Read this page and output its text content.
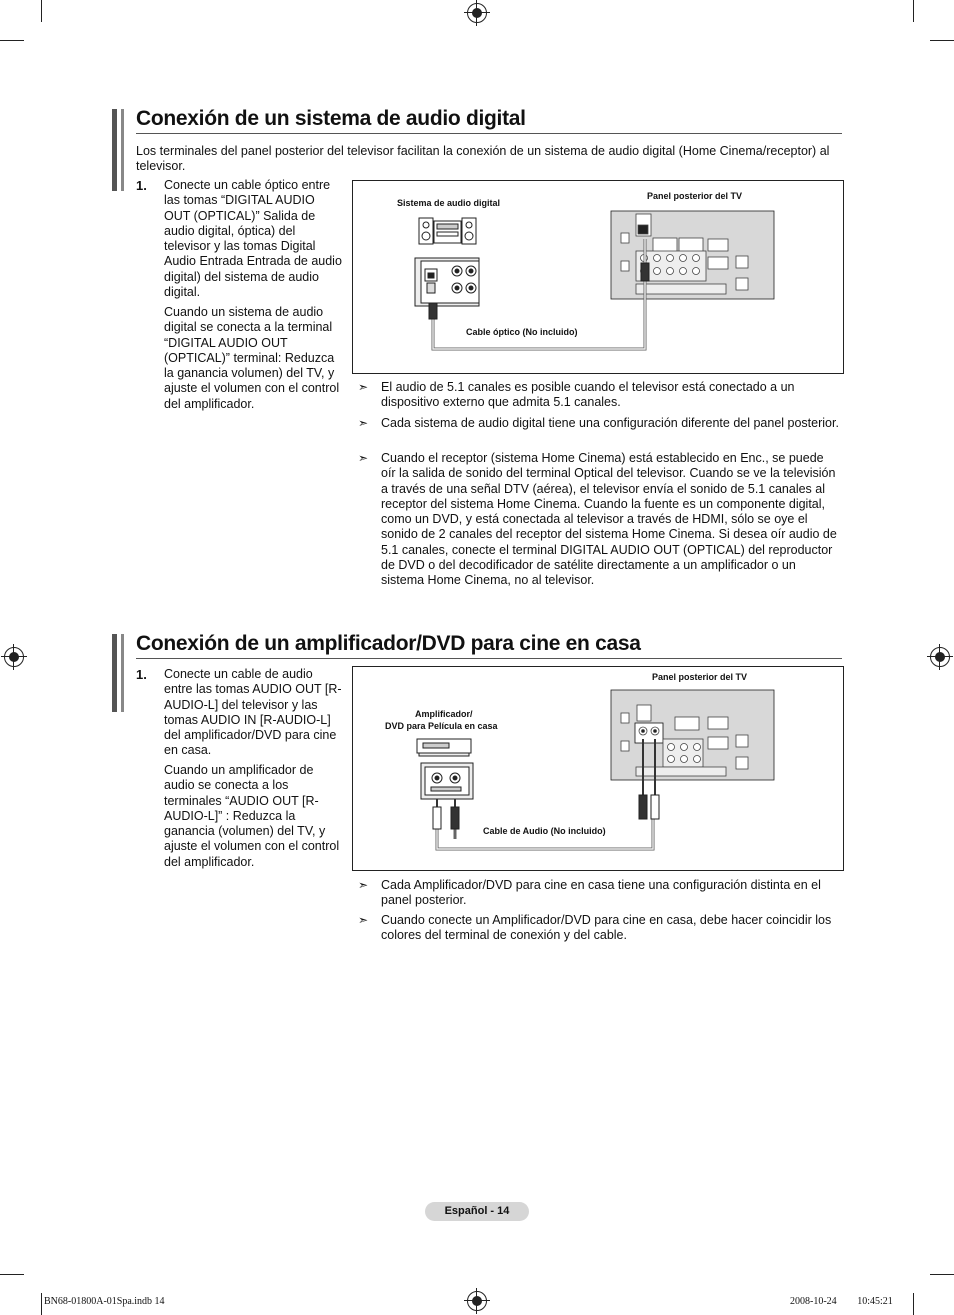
Conexión de un sistema de audio digital

Los terminales del panel posterior del televisor facilitan la conexión de un sistema de audio digital (Home Cinema/receptor) al televisor.

1. Conecte un cable óptico entre las tomas “DIGITAL AUDIO OUT (OPTICAL)” Salida de audio digital, óptica) del televisor y las tomas Digital Audio Entrada Entrada de audio digital) del sistema de audio digital.

Cuando un sistema de audio digital se conecta a la terminal “DIGITAL AUDIO OUT (OPTICAL)” terminal: Reduzca la ganancia volumen) del TV, y ajuste el volumen con el control del amplificador.

Sistema de audio digital
Panel posterior del TV
Cable óptico (No incluido)
➣	El audio de 5.1 canales es posible cuando el televisor está conectado a un dispositivo externo que admita 5.1 canales.
➣	Cada sistema de audio digital tiene una configuración diferente del panel posterior.
➣	Cuando el receptor (sistema Home Cinema) está establecido en Enc., se puede oír la salida de sonido del terminal Optical del televisor. Cuando se ve la televisión a través de una señal DTV (aérea), el televisor envía el sonido de 5.1 canales al receptor del sistema Home Cinema. Cuando la fuente es un componente digital, como un DVD, y está conectada al televisor a través de HDMI, sólo se oye el sonido de 2 canales del receptor del sistema Home Cinema. Si desea oír audio de 5.1 canales, conecte el terminal DIGITAL AUDIO OUT (OPTICAL) del reproductor de DVD o del decodificador de satélite directamente a un amplificador o un sistema Home Cinema, no al televisor.
Conexión de un amplificador/DVD para cine en casa
1. Conecte un cable de audio entre las tomas AUDIO OUT [R-AUDIO-L] del televisor y las tomas AUDIO IN [R-AUDIO-L] del amplificador/DVD para cine en casa.

Cuando un amplificador de audio se conecta a los terminales “AUDIO OUT [R-AUDIO-L]” : Reduzca la ganancia (volumen) del TV, y ajuste el volumen con el control del amplificador.

Panel posterior del TV
Amplificador/
DVD para Película en casa
Cable de Audio (No incluido)
➣	Cada Amplificador/DVD para cine en casa tiene una configuración distinta en el panel posterior.
➣	Cuando conecte un Amplificador/DVD para cine en casa, debe hacer coincidir los colores del terminal de conexión y del cable.
Español - 14
BN68-01800A-01Spa.indb 14	2008-10-24 ￿￿ 10:45:21
